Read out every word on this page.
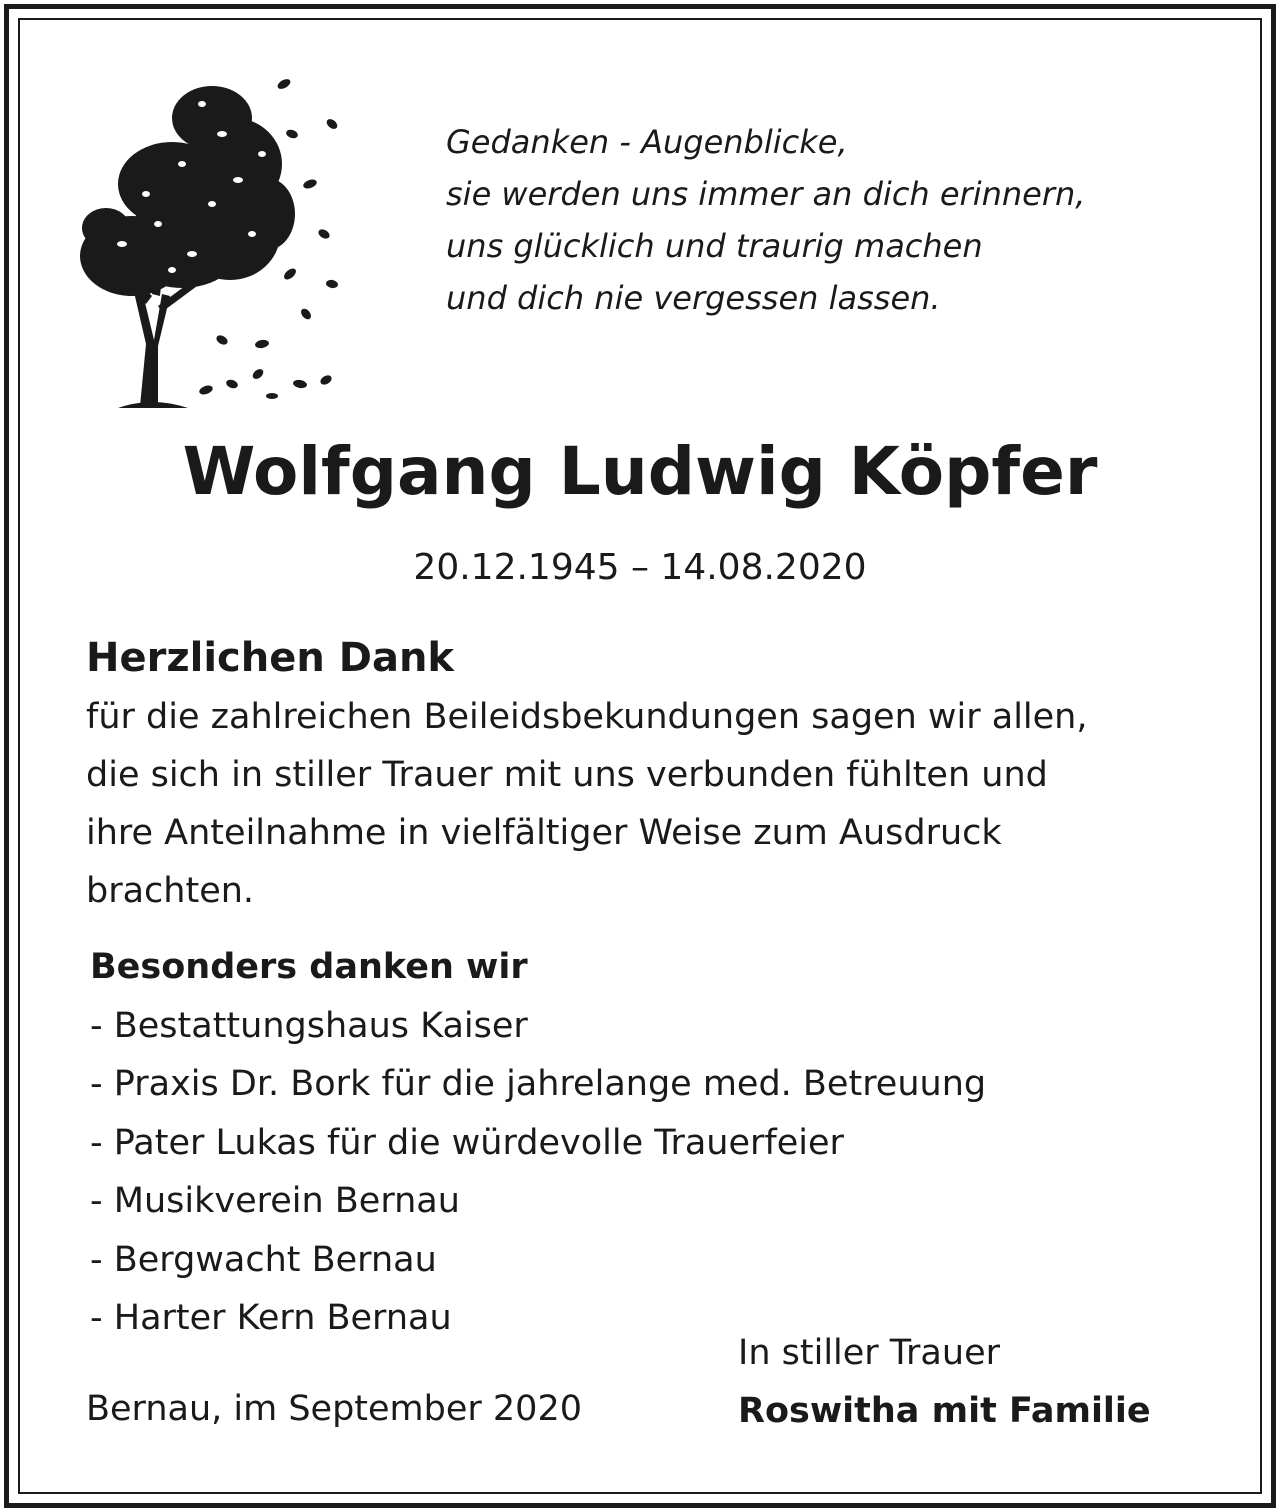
Gedanken - Augenblicke,
sie werden uns immer an dich erinnern,
uns glücklich und traurig machen
und dich nie vergessen lassen.
Wolfgang Ludwig Köpfer
20.12.1945 – 14.08.2020
Herzlichen Dank
für die zahlreichen Beileidsbekundungen sagen wir allen,
die sich in stiller Trauer mit uns verbunden fühlten und
ihre Anteilnahme in vielfältiger Weise zum Ausdruck
brachten.
Besonders danken wir
- Bestattungshaus Kaiser
- Praxis Dr. Bork für die jahrelange med. Betreuung
- Pater Lukas für die würdevolle Trauerfeier
- Musikverein Bernau
- Bergwacht Bernau
- Harter Kern Bernau
Bernau, im September 2020
In stiller Trauer
Roswitha mit Familie
